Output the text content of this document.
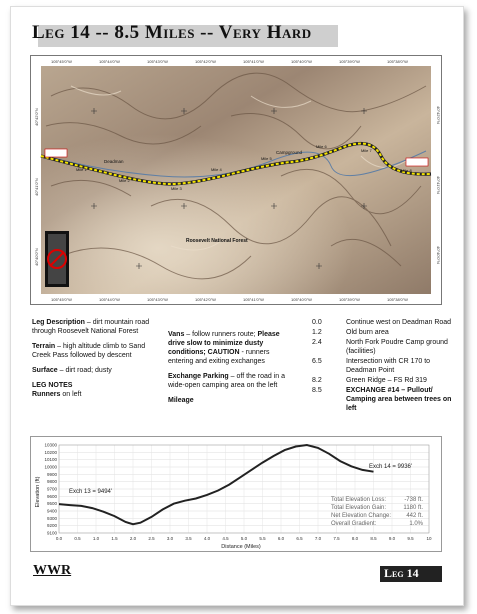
Leg 14 -- 8.5 Miles -- Very Hard
Roosevelt National Forest
Campground
Deadman
Mile 1
Mile 2
Mile 3
Mile 4
Mile 5
Mile 6
Mile 7
Mile 8
105°45'0"W	105°44'0"W	105°43'0"W	105°42'0"W	105°41'0"W	105°40'0"W	105°39'0"W	105°38'0"W
105°45'0"W	105°44'0"W	105°43'0"W	105°42'0"W	105°41'0"W	105°40'0"W	105°39'0"W	105°38'0"W
40°42'0"N
40°41'0"N
40°40'0"N
40°42'0"N
40°41'0"N
40°40'0"N

Leg Description – dirt mountain road through Roosevelt National Forest

Terrain – high altitude climb to Sand Creek Pass followed by descent

Surface – dirt road; dusty

LEG NOTES
Runners on left

Vans – follow runners route; Please drive slow to minimize dusty conditions; CAUTION - runners entering and exiting exchanges

Exchange Parking – off the road in a wide-open camping area on the left

Mileage

0.0	Continue west on Deadman Road
1.2	Old burn area
2.4	North Fork Poudre Camp ground (facilities)
6.5	Intersection with CR 170 to Deadman Point
8.2	Green Ridge – FS Rd 319
8.5	EXCHANGE #14 – Pullout/ Camping area between trees on left
9100
9200
9300
9400
9500
9600
9700
9800
9900
10000
10100
10200
10300
0.0	0.5	1.0	1.5	2.0	2.5	3.0	3.5	4.0	4.5	5.0	5.5	6.0	6.5	7.0	7.5	8.0	8.5	9.0	9.5	10
Elevation (ft)
Distance (Miles)
Exch 13 = 9494'
Exch 14 = 9936'
Total Elevation Loss:	-738 ft.
Total Elevation Gain:	1180 ft.
Net Elevation Change:	442 ft.
Overall Gradient:	1.0%
WWR	Leg 14
